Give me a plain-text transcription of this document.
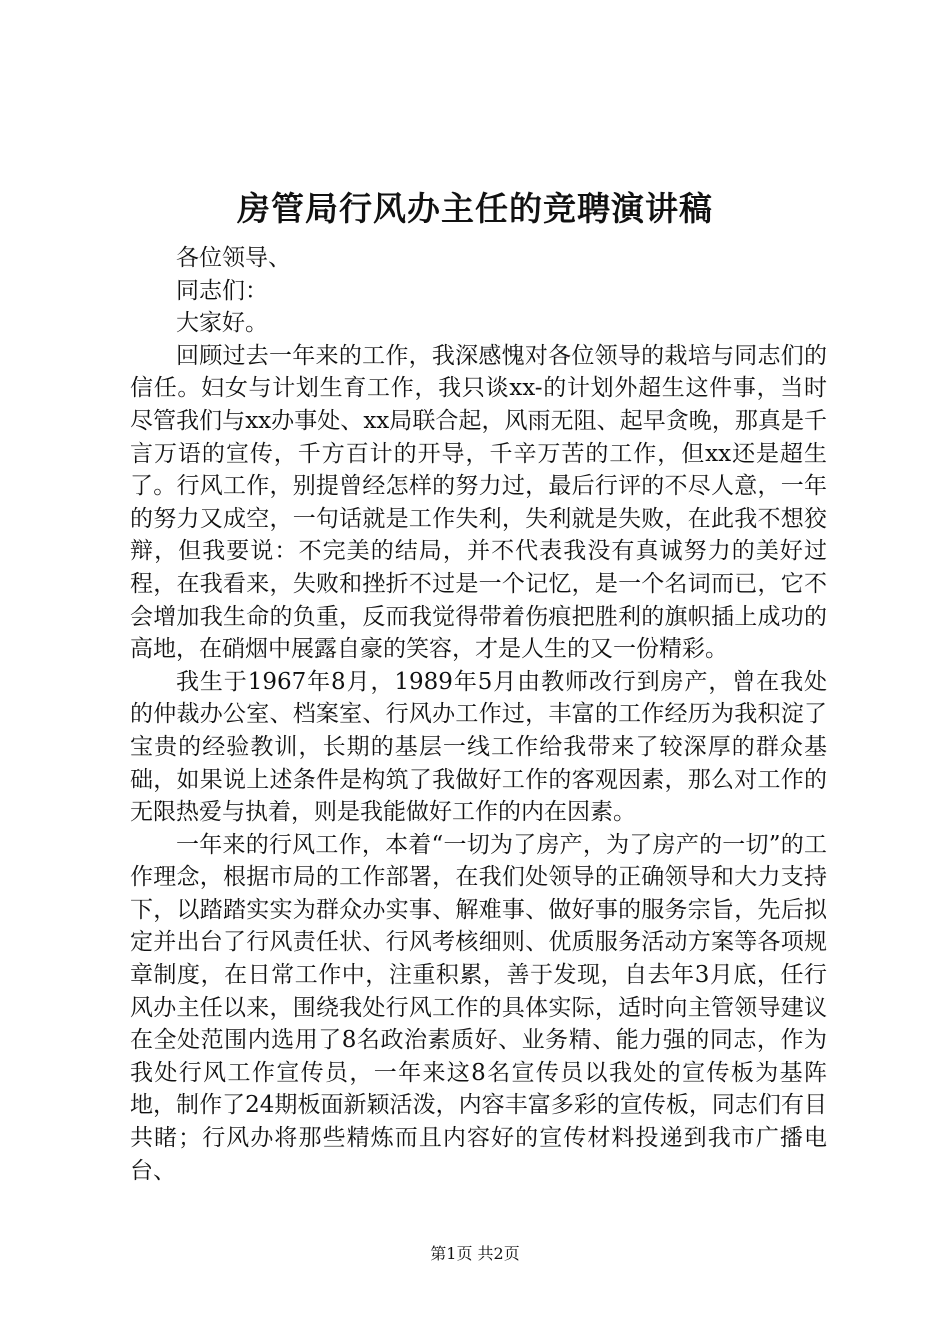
房管局行风办主任的竞聘演讲稿

各位领导、

同志们：

大家好。

回顾过去一年来的工作，我深感愧对各位领导的栽培与同志们的信任。妇女与计划生育工作，我只谈xx-的计划外超生这件事，当时尽管我们与xx办事处、xx局联合起，风雨无阻、起早贪晚，那真是千言万语的宣传，千方百计的开导，千辛万苦的工作，但xx还是超生了。行风工作，别提曾经怎样的努力过，最后行评的不尽人意，一年的努力又成空，一句话就是工作失利，失利就是失败，在此我不想狡辩，但我要说：不完美的结局，并不代表我没有真诚努力的美好过程，在我看来，失败和挫折不过是一个记忆，是一个名词而已，它不会增加我生命的负重，反而我觉得带着伤痕把胜利的旗帜插上成功的高地，在硝烟中展露自豪的笑容，才是人生的又一份精彩。

我生于1967年8月，1989年5月由教师改行到房产，曾在我处的仲裁办公室、档案室、行风办工作过，丰富的工作经历为我积淀了宝贵的经验教训，长期的基层一线工作给我带来了较深厚的群众基础，如果说上述条件是构筑了我做好工作的客观因素，那么对工作的无限热爱与执着，则是我能做好工作的内在因素。

一年来的行风工作，本着“一切为了房产，为了房产的一切”的工作理念，根据市局的工作部署，在我们处领导的正确领导和大力支持下，以踏踏实实为群众办实事、解难事、做好事的服务宗旨，先后拟定并出台了行风责任状、行风考核细则、优质服务活动方案等各项规章制度，在日常工作中，注重积累，善于发现，自去年3月底，任行风办主任以来，围绕我处行风工作的具体实际，适时向主管领导建议在全处范围内选用了8名政治素质好、业务精、能力强的同志，作为我处行风工作宣传员，一年来这8名宣传员以我处的宣传板为基阵地，制作了24期板面新颖活泼，内容丰富多彩的宣传板，同志们有目共睹；行风办将那些精炼而且内容好的宣传材料投递到我市广播电台、

第1页 共2页
